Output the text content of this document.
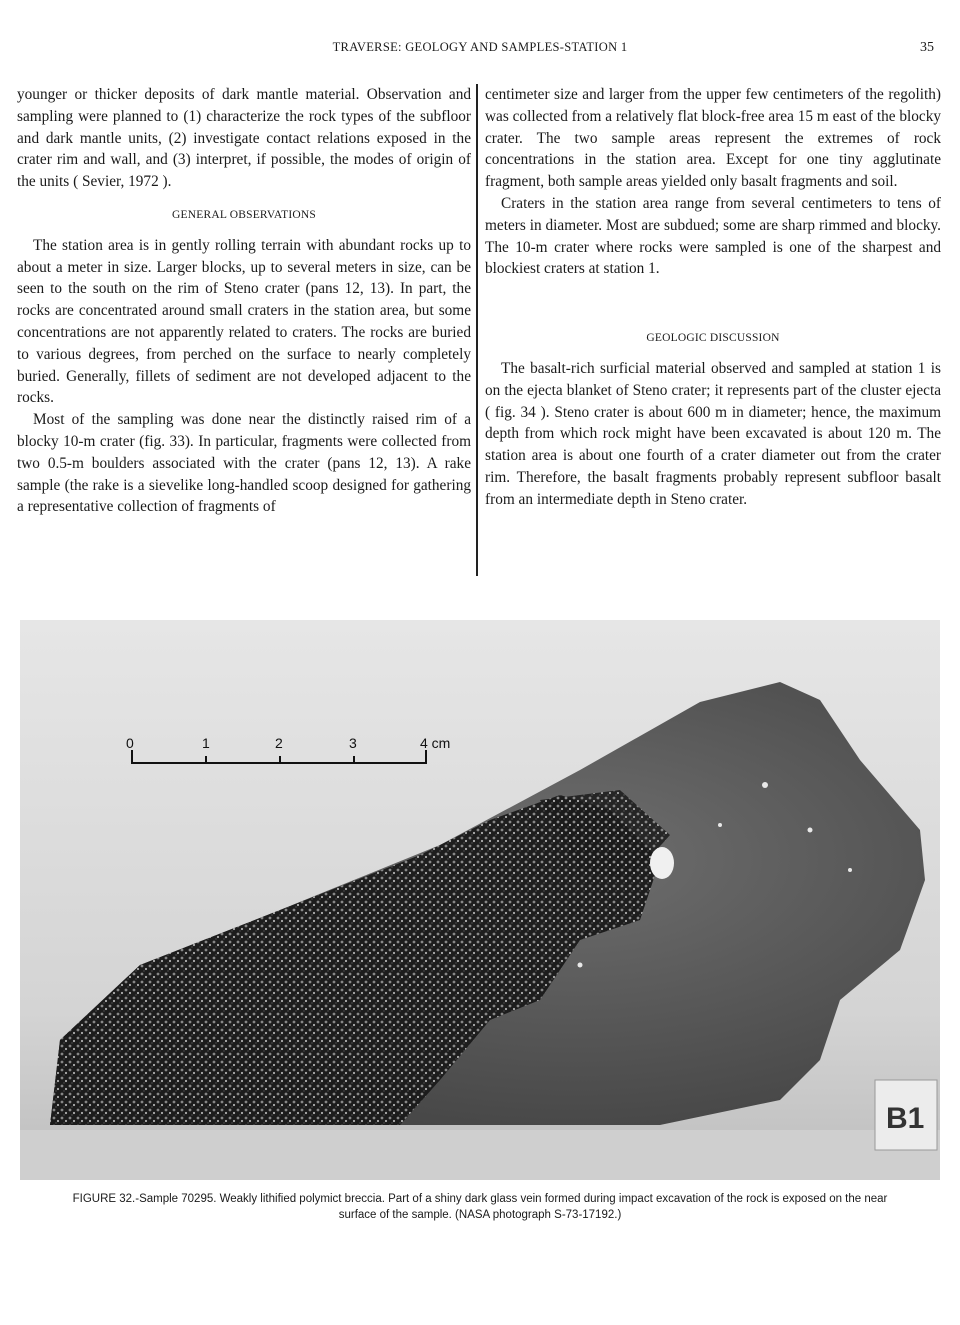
TRAVERSE: GEOLOGY AND SAMPLES-STATION 1	35

younger or thicker deposits of dark mantle material. Observation and sampling were planned to (1) characterize the rock types of the subfloor and dark mantle units, (2) investigate contact relations exposed in the crater rim and wall, and (3) interpret, if possible, the modes of origin of the units ( Sevier, 1972 ).

GENERAL OBSERVATIONS

The station area is in gently rolling terrain with abundant rocks up to about a meter in size. Larger blocks, up to several meters in size, can be seen to the south on the rim of Steno crater (pans 12, 13). In part, the rocks are concentrated around small craters in the station area, but some concentrations are not apparently related to craters. The rocks are buried to various degrees, from perched on the surface to nearly completely buried. Generally, fillets of sediment are not developed adjacent to the rocks.

Most of the sampling was done near the distinctly raised rim of a blocky 10-m crater (fig. 33). In particular, fragments were collected from two 0.5-m boulders associated with the crater (pans 12, 13). A rake sample (the rake is a sievelike long-handled scoop designed for gathering a representative collection of fragments of

centimeter size and larger from the upper few centimeters of the regolith) was collected from a relatively flat block-free area 15 m east of the blocky crater. The two sample areas represent the extremes of rock concentrations in the station area. Except for one tiny agglutinate fragment, both sample areas yielded only basalt fragments and soil.

Craters in the station area range from several centimeters to tens of meters in diameter. Most are subdued; some are sharp rimmed and blocky. The 10-m crater where rocks were sampled is one of the sharpest and blockiest craters at station 1.

GEOLOGIC DISCUSSION

The basalt-rich surficial material observed and sampled at station 1 is on the ejecta blanket of Steno crater; it represents part of the cluster ejecta ( fig. 34 ). Steno crater is about 600 m in diameter; hence, the maximum depth from which rock might have been excavated is about 120 m. The station area is about one fourth of a crater diameter out from the crater rim. Therefore, the basalt fragments probably represent subfloor basalt from an intermediate depth in Steno crater.

B1
0	1	2	3	4 cm
FIGURE 32.-Sample 70295. Weakly lithified polymict breccia. Part of a shiny dark glass vein formed during impact excavation of the rock is exposed on the near surface of the sample. (NASA photograph S-73-17192.)
